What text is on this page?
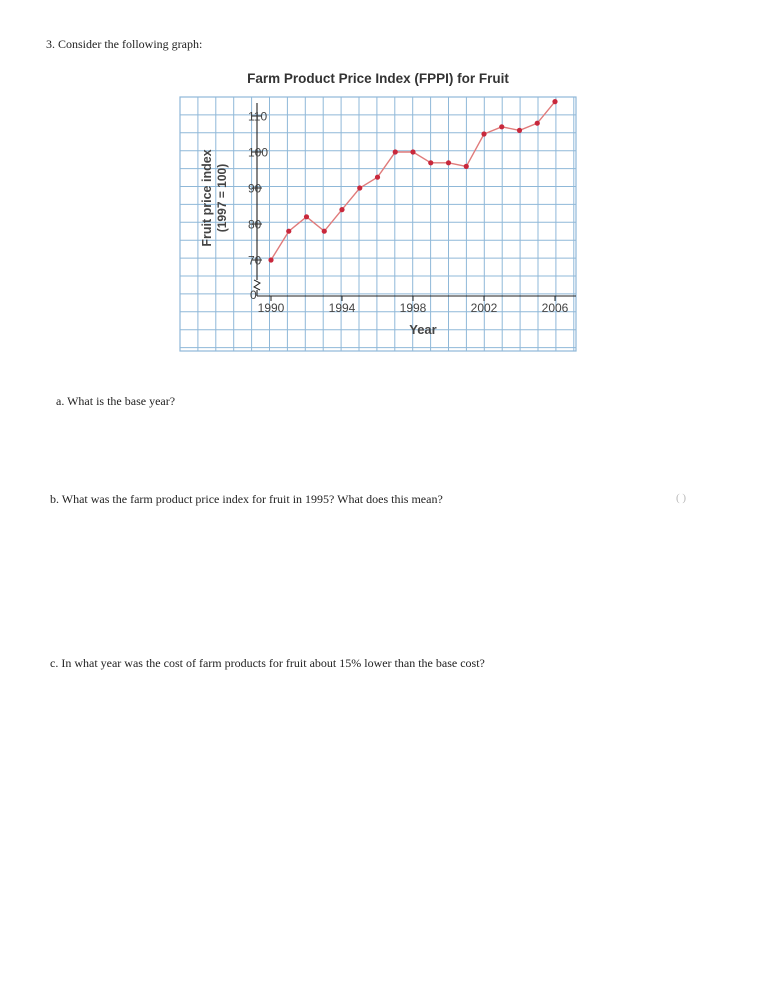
3. Consider the following graph:
Farm Product Price Index (FPPI) for Fruit
70
80
90
100
110
0
1990	1994	1998	2002	2006
Year
Fruit price index (1997 = 100)
a. What is the base year?
b. What was the farm product price index for fruit in 1995? What does this mean?	( )
c. In what year was the cost of farm products for fruit about 15% lower than the base cost?
